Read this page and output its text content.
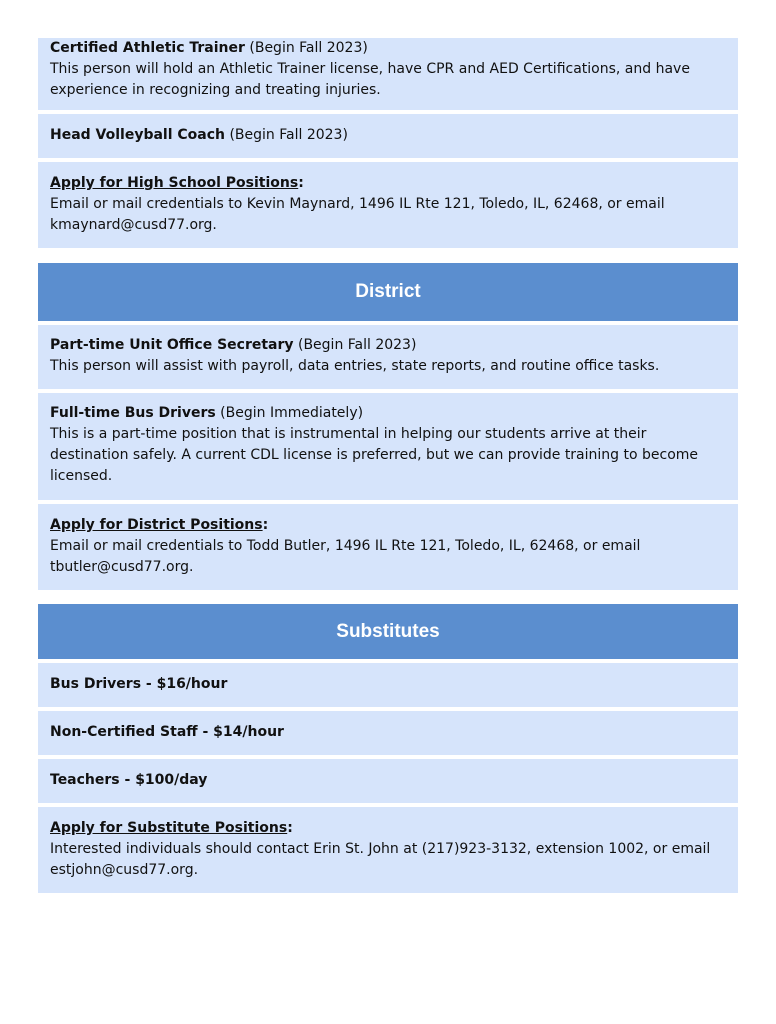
Certified Athletic Trainer (Begin Fall 2023)
This person will hold an Athletic Trainer license, have CPR and AED Certifications, and have experience in recognizing and treating injuries.
Head Volleyball Coach (Begin Fall 2023)
Apply for High School Positions:
Email or mail credentials to Kevin Maynard, 1496 IL Rte 121, Toledo, IL, 62468, or email kmaynard@cusd77.org.
District
Part-time Unit Office Secretary (Begin Fall 2023)
This person will assist with payroll, data entries, state reports, and routine office tasks.
Full-time Bus Drivers (Begin Immediately)
This is a part-time position that is instrumental in helping our students arrive at their destination safely. A current CDL license is preferred, but we can provide training to become licensed.
Apply for District Positions:
Email or mail credentials to Todd Butler, 1496 IL Rte 121, Toledo, IL, 62468, or email tbutler@cusd77.org.
Substitutes
Bus Drivers - $16/hour
Non-Certified Staff - $14/hour
Teachers - $100/day
Apply for Substitute Positions:
Interested individuals should contact Erin St. John at (217)923-3132, extension 1002, or email estjohn@cusd77.org.
